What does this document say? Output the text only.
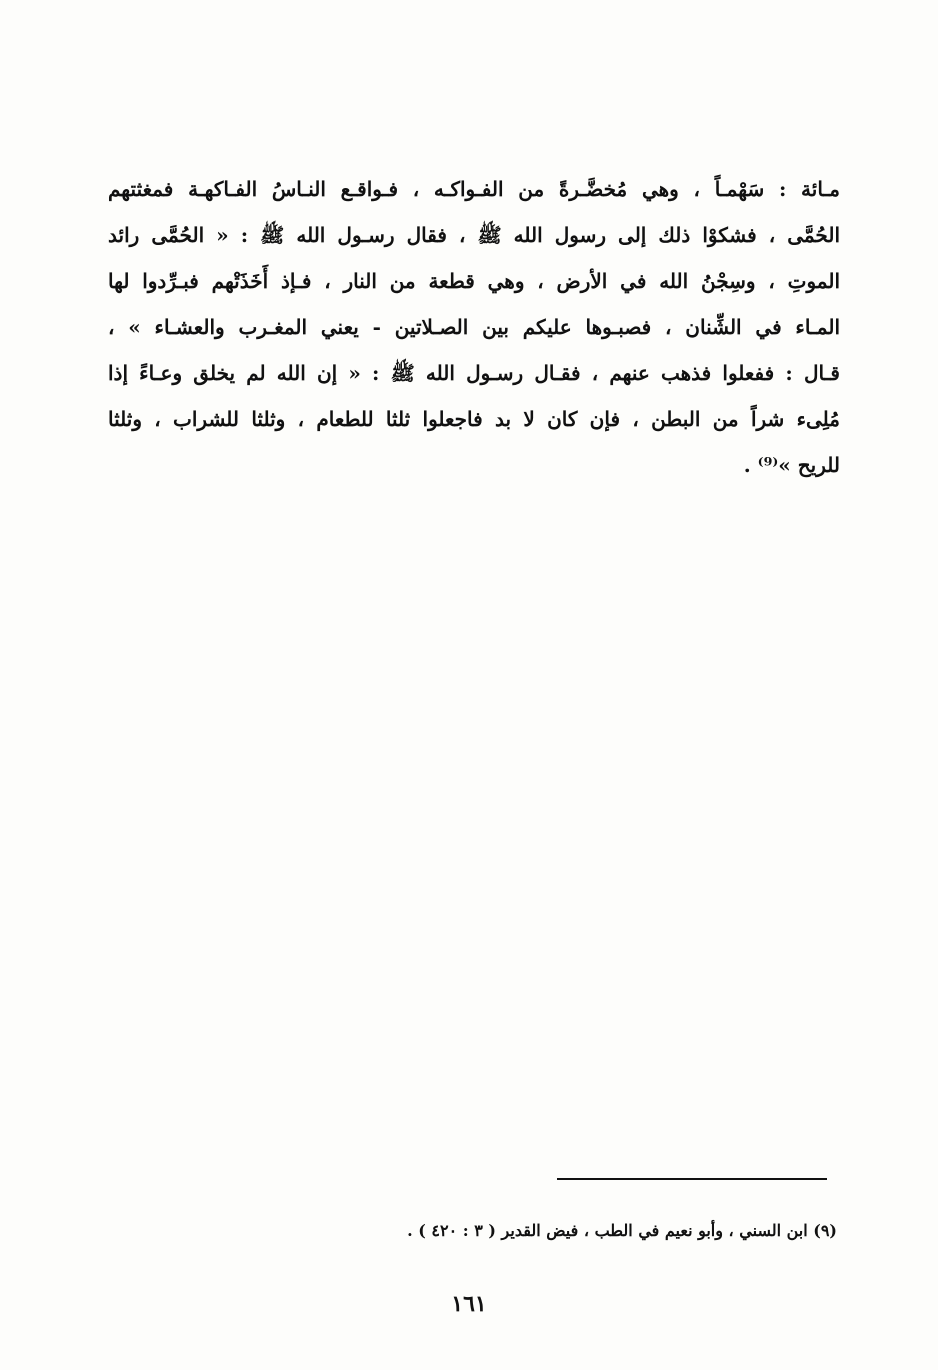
مـائة : سَهْمـاً ، وهي مُخضَّـرةً من الفـواكـه ، فـواقـع النـاسُ الفـاكهـة فمغثتهم
الحُمَّى ، فشكوْا ذلك إلى رسول الله ﷺ ، فقال رسـول الله ﷺ : « الحُمَّى رائد
الموتِ ، وسِجْنُ الله في الأرض ، وهي قطعة من النار ، فـإذ أَخَذَتْهم فبـرِّدوا لها
المـاء في الشِّنان ، فصبـوها عليكم بين الصـلاتين - يعني المغـرب والعشـاء » ،
قـال : ففعلوا فذهب عنهم ، فقـال رسـول الله ﷺ : « إن الله لم يخلق وعـاءً إذا
مُلِىء شراً من البطن ، فإن كان لا بد فاجعلوا ثلثا للطعام ، وثلثا للشراب ، وثلثا
للريح »⁽⁹⁾ .
(٩) ابن السني ، وأبو نعيم في الطب ، فيض القدير ( ٣ : ٤٢٠ ) .
١٦١
